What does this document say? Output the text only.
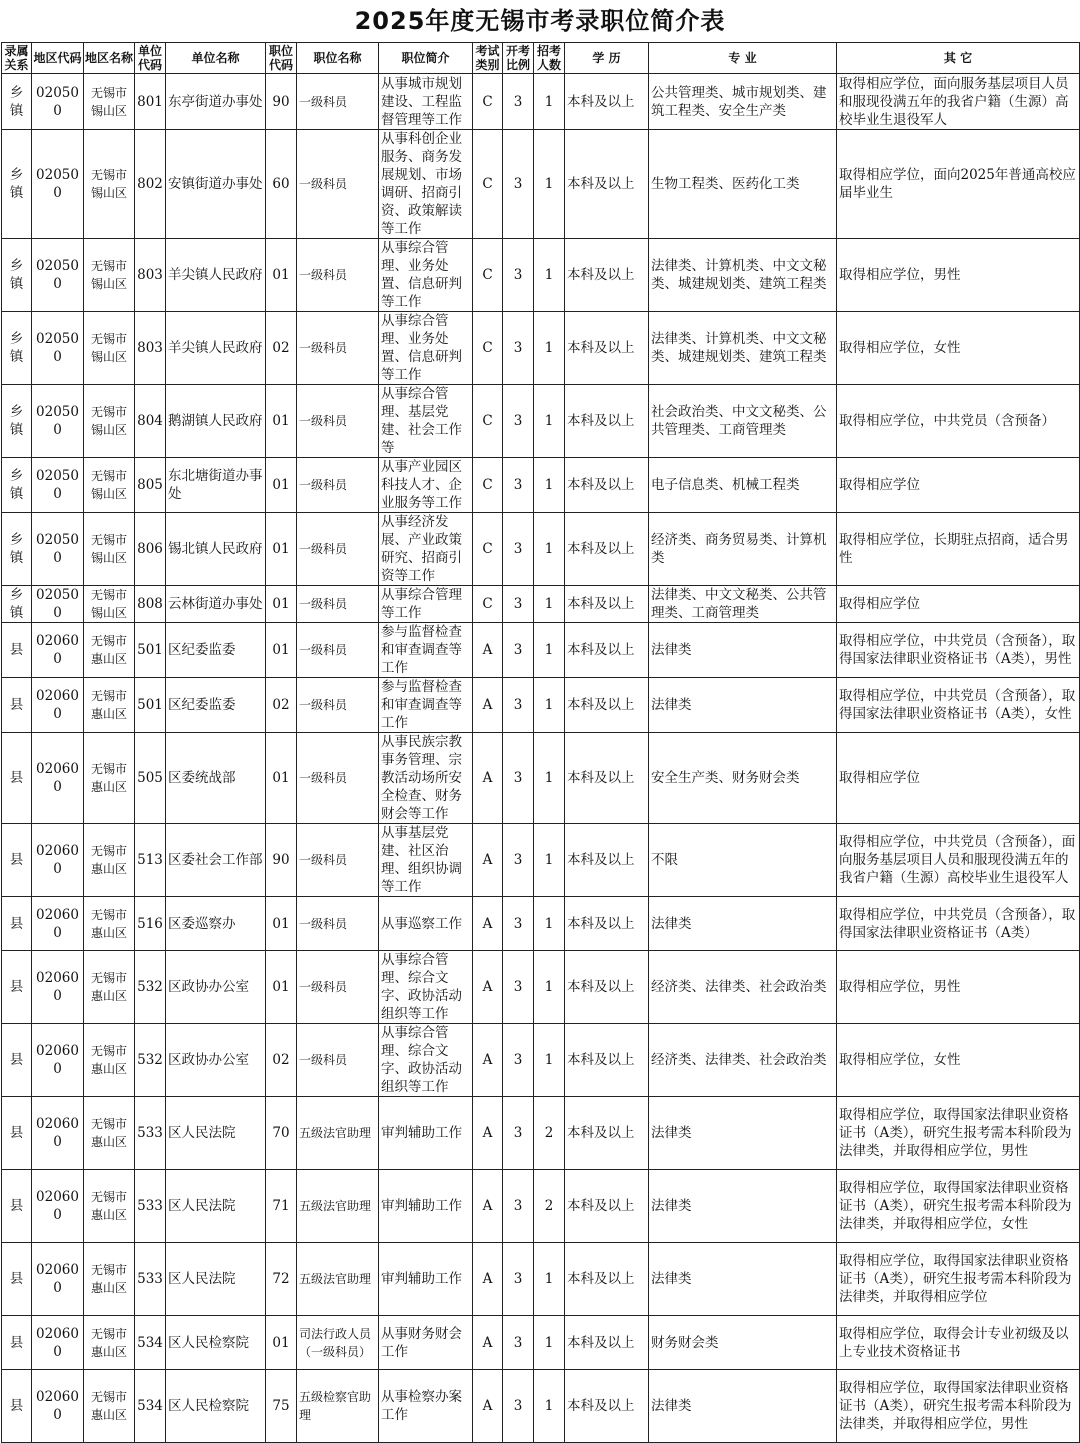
2025年度无锡市考录职位简介表
录属关系	地区代码	地区名称	单位代码	单位名称	职位代码	职位名称	职位简介	考试类别	开考比例	招考人数	学 历	专 业	其 它
乡镇	020500	无锡市锡山区	801	东亭街道办事处	90	一级科员	从事城市规划建设、工程监督管理等工作	C	3	1	本科及以上	公共管理类、城市规划类、建筑工程类、安全生产类	取得相应学位，面向服务基层项目人员和服现役满五年的我省户籍（生源）高校毕业生退役军人
乡镇	020500	无锡市锡山区	802	安镇街道办事处	60	一级科员	从事科创企业服务、商务发展规划、市场调研、招商引资、政策解读等工作	C	3	1	本科及以上	生物工程类、医药化工类	取得相应学位，面向2025年普通高校应届毕业生
乡镇	020500	无锡市锡山区	803	羊尖镇人民政府	01	一级科员	从事综合管理、业务处置、信息研判等工作	C	3	1	本科及以上	法律类、计算机类、中文文秘类、城建规划类、建筑工程类	取得相应学位，男性
乡镇	020500	无锡市锡山区	803	羊尖镇人民政府	02	一级科员	从事综合管理、业务处置、信息研判等工作	C	3	1	本科及以上	法律类、计算机类、中文文秘类、城建规划类、建筑工程类	取得相应学位，女性
乡镇	020500	无锡市锡山区	804	鹅湖镇人民政府	01	一级科员	从事综合管理、基层党建、社会工作等	C	3	1	本科及以上	社会政治类、中文文秘类、公共管理类、工商管理类	取得相应学位，中共党员（含预备）
乡镇	020500	无锡市锡山区	805	东北塘街道办事处	01	一级科员	从事产业园区科技人才、企业服务等工作	C	3	1	本科及以上	电子信息类、机械工程类	取得相应学位
乡镇	020500	无锡市锡山区	806	锡北镇人民政府	01	一级科员	从事经济发展、产业政策研究、招商引资等工作	C	3	1	本科及以上	经济类、商务贸易类、计算机类	取得相应学位，长期驻点招商，适合男性
乡镇	020500	无锡市锡山区	808	云林街道办事处	01	一级科员	从事综合管理等工作	C	3	1	本科及以上	法律类、中文文秘类、公共管理类、工商管理类	取得相应学位
县	020600	无锡市惠山区	501	区纪委监委	01	一级科员	参与监督检查和审查调查等工作	A	3	1	本科及以上	法律类	取得相应学位，中共党员（含预备），取得国家法律职业资格证书（A类），男性
县	020600	无锡市惠山区	501	区纪委监委	02	一级科员	参与监督检查和审查调查等工作	A	3	1	本科及以上	法律类	取得相应学位，中共党员（含预备），取得国家法律职业资格证书（A类），女性
县	020600	无锡市惠山区	505	区委统战部	01	一级科员	从事民族宗教事务管理、宗教活动场所安全检查、财务财会等工作	A	3	1	本科及以上	安全生产类、财务财会类	取得相应学位
县	020600	无锡市惠山区	513	区委社会工作部	90	一级科员	从事基层党建、社区治理、组织协调等工作	A	3	1	本科及以上	不限	取得相应学位，中共党员（含预备），面向服务基层项目人员和服现役满五年的我省户籍（生源）高校毕业生退役军人
县	020600	无锡市惠山区	516	区委巡察办	01	一级科员	从事巡察工作	A	3	1	本科及以上	法律类	取得相应学位，中共党员（含预备），取得国家法律职业资格证书（A类）
县	020600	无锡市惠山区	532	区政协办公室	01	一级科员	从事综合管理、综合文字、政协活动组织等工作	A	3	1	本科及以上	经济类、法律类、社会政治类	取得相应学位，男性
县	020600	无锡市惠山区	532	区政协办公室	02	一级科员	从事综合管理、综合文字、政协活动组织等工作	A	3	1	本科及以上	经济类、法律类、社会政治类	取得相应学位，女性
县	020600	无锡市惠山区	533	区人民法院	70	五级法官助理	审判辅助工作	A	3	2	本科及以上	法律类	取得相应学位，取得国家法律职业资格证书（A类），研究生报考需本科阶段为法律类，并取得相应学位，男性
县	020600	无锡市惠山区	533	区人民法院	71	五级法官助理	审判辅助工作	A	3	2	本科及以上	法律类	取得相应学位，取得国家法律职业资格证书（A类），研究生报考需本科阶段为法律类，并取得相应学位，女性
县	020600	无锡市惠山区	533	区人民法院	72	五级法官助理	审判辅助工作	A	3	1	本科及以上	法律类	取得相应学位，取得国家法律职业资格证书（A类），研究生报考需本科阶段为法律类，并取得相应学位
县	020600	无锡市惠山区	534	区人民检察院	01	司法行政人员（一级科员）	从事财务财会工作	A	3	1	本科及以上	财务财会类	取得相应学位，取得会计专业初级及以上专业技术资格证书
县	020600	无锡市惠山区	534	区人民检察院	75	五级检察官助理	从事检察办案工作	A	3	1	本科及以上	法律类	取得相应学位，取得国家法律职业资格证书（A类），研究生报考需本科阶段为法律类，并取得相应学位，男性
